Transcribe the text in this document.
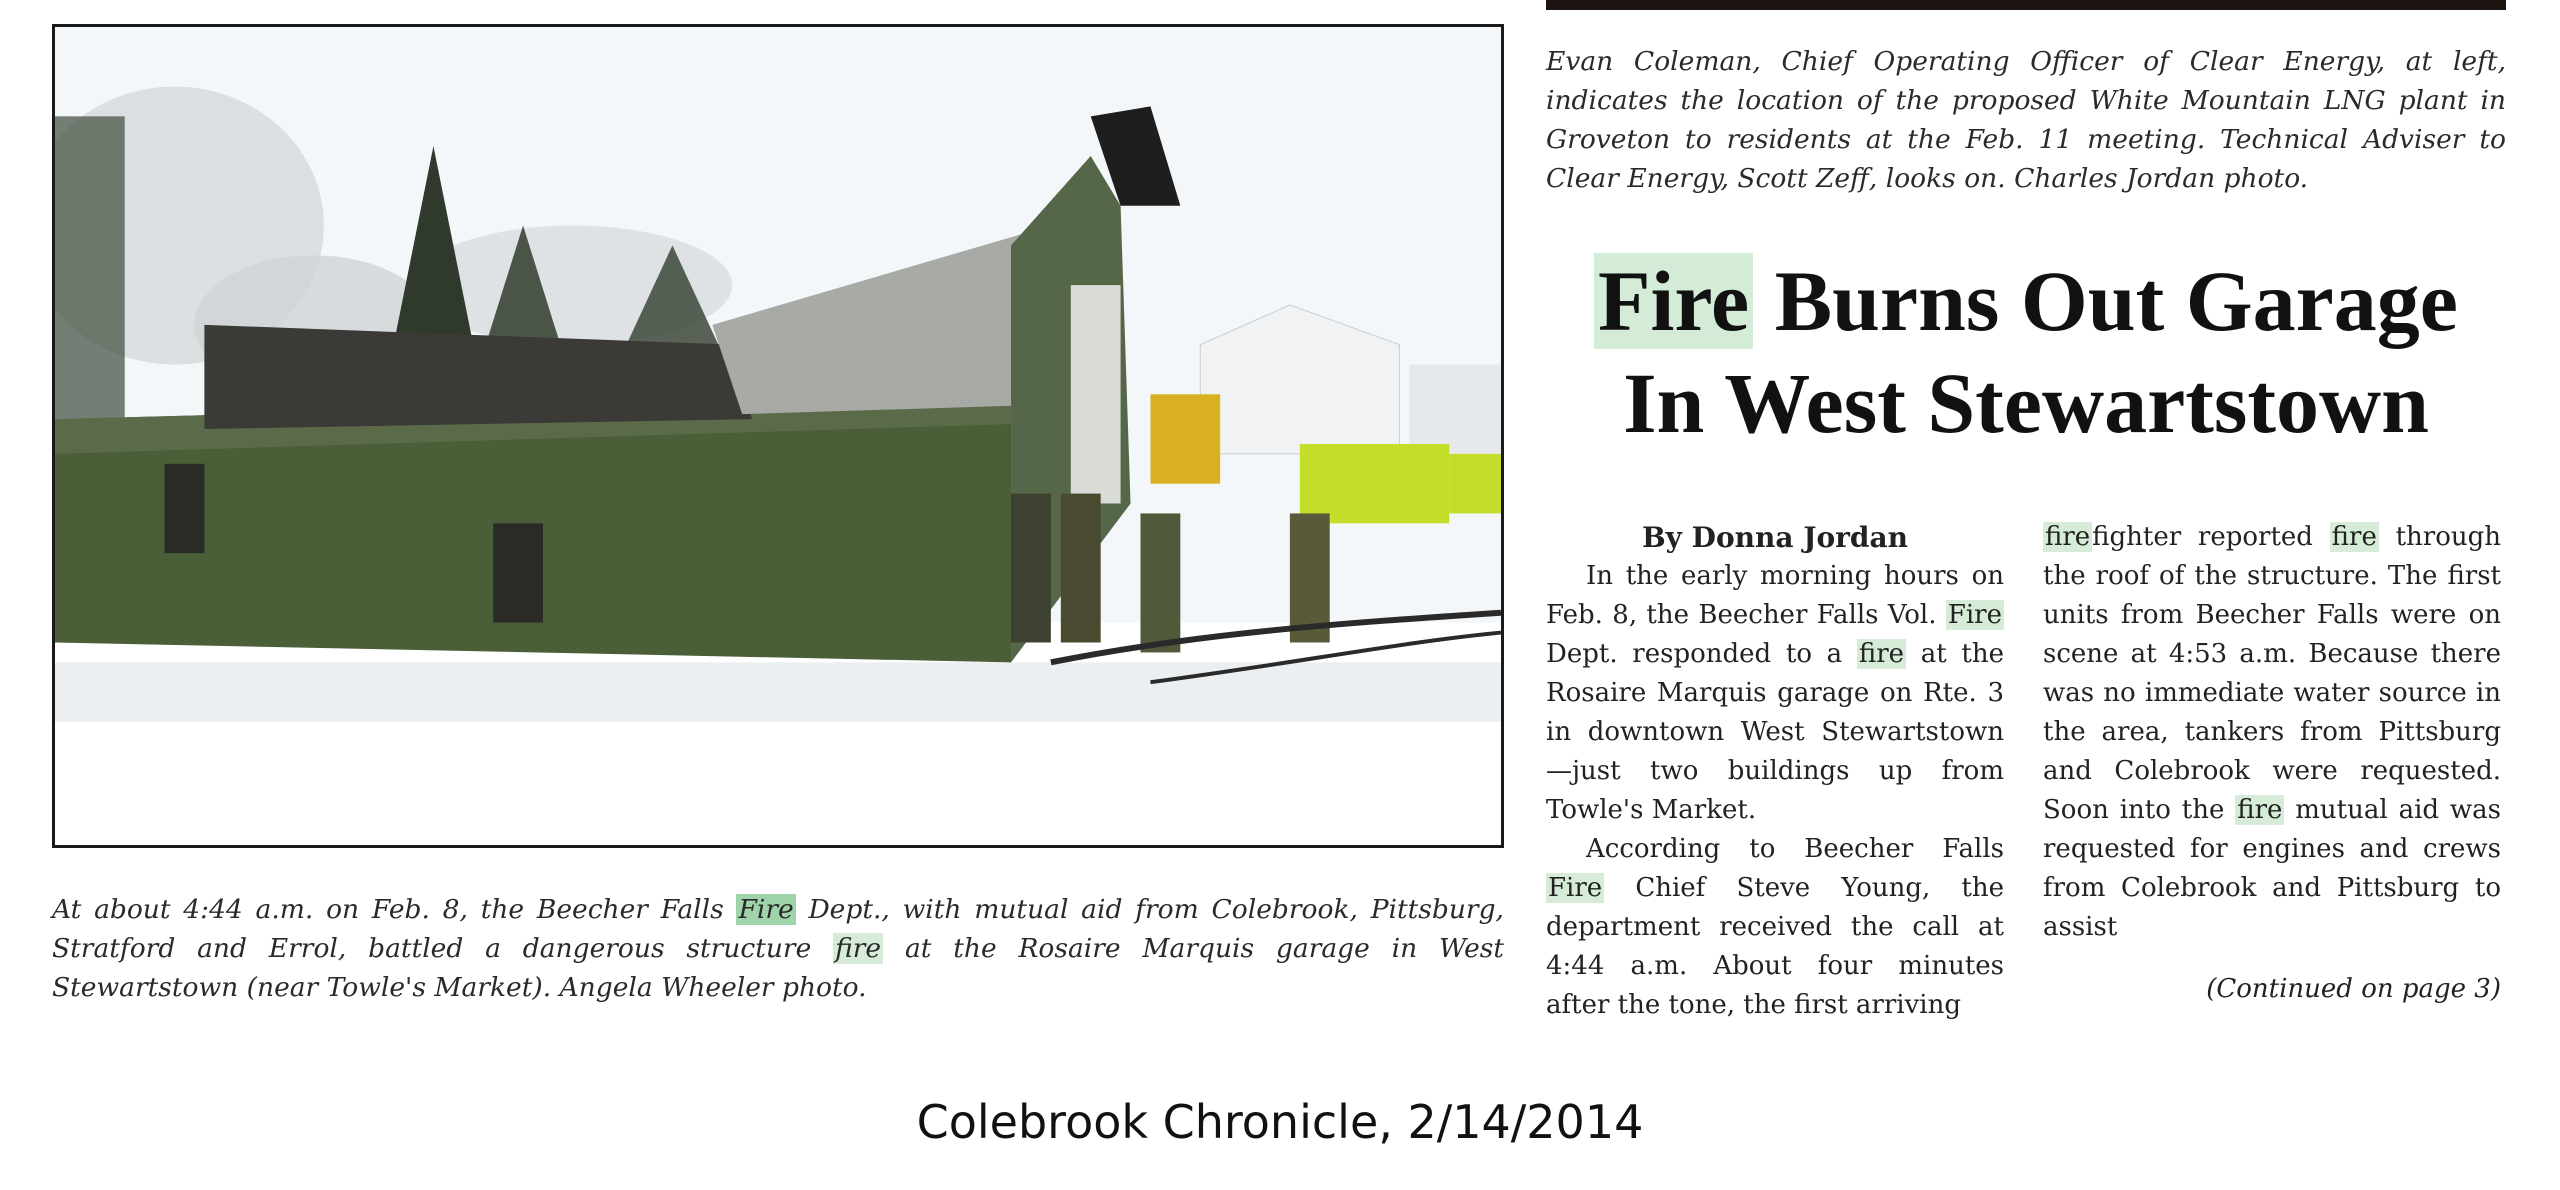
At about 4:44 a.m. on Feb. 8, the Beecher Falls Fire Dept., with mutual aid from Colebrook, Pittsburg, Stratford and Errol, battled a dangerous structure fire at the Rosaire Marquis garage in West Stewartstown (near Towle's Market). Angela Wheeler photo.
Evan Coleman, Chief Operating Officer of Clear Energy, at left, indicates the location of the proposed White Mountain LNG plant in Groveton to residents at the Feb. 11 meeting. Technical Adviser to Clear Energy, Scott Zeff, looks on. Charles Jordan photo.
Fire Burns Out Garage
In West Stewartstown

By Donna Jordan

In the early morning hours on Feb. 8, the Beecher Falls Vol. Fire Dept. responded to a fire at the Rosaire Marquis garage on Rte. 3 in downtown West Stewartstown—just two buildings up from Towle's Market.

According to Beecher Falls Fire Chief Steve Young, the department received the call at 4:44 a.m. About four minutes after the tone, the first arriving

firefighter reported fire through the roof of the structure. The first units from Beecher Falls were on scene at 4:53 a.m. Because there was no immediate water source in the area, tankers from Pittsburg and Colebrook were requested. Soon into the fire mutual aid was requested for engines and crews from Colebrook and Pittsburg to assist

(Continued on page 3)
Colebrook Chronicle, 2/14/2014
